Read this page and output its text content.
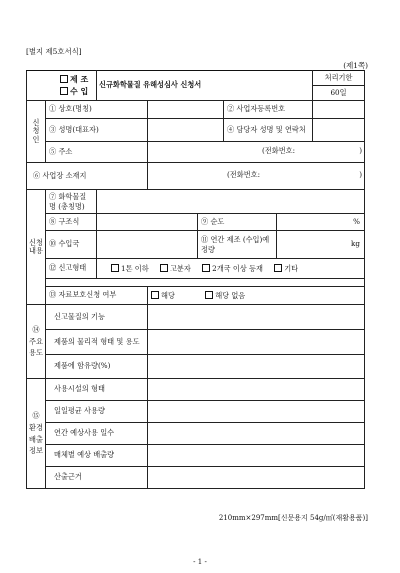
[별지 제5호서식]
(제1쪽)
제 조
수 입		신규화학물질 유해성심사 신청서					처리기한
							60일

신
청
인	① 상호(명칭)				② 사업자등록번호		
	③ 성명(대표자)				④ 담당자 성명 및 연락처		
	⑤ 주소		(전화번호: )				

⑥ 사업장 소재지			(전화번호: )				

신청
내용	⑦ 화학물질명 (총칭명)						
	⑧ 구조식			⑨ 순도		%	
	⑩ 수입국			⑪ 연간 제조 (수입)예정량		kg	
	⑫ 신고형태	1톤 이하 고분자 2개국 이상 등재 기타					

	⑬ 자료보호신청 여부		해당 해당 없음				

⑭
주요
용도	신고물질의 기능						
	제품의 물리적 형태 및 용도						
	제품에 함유량(%)						

⑮
환경
배출
정보	사용시설의 형태						
	일일평균 사용량						
	연간 예상사용 일수						
	매체별 예상 배출량						
	산출근거						
210mm×297mm[신문용지 54g/㎡(재활용품)]
- 1 -
